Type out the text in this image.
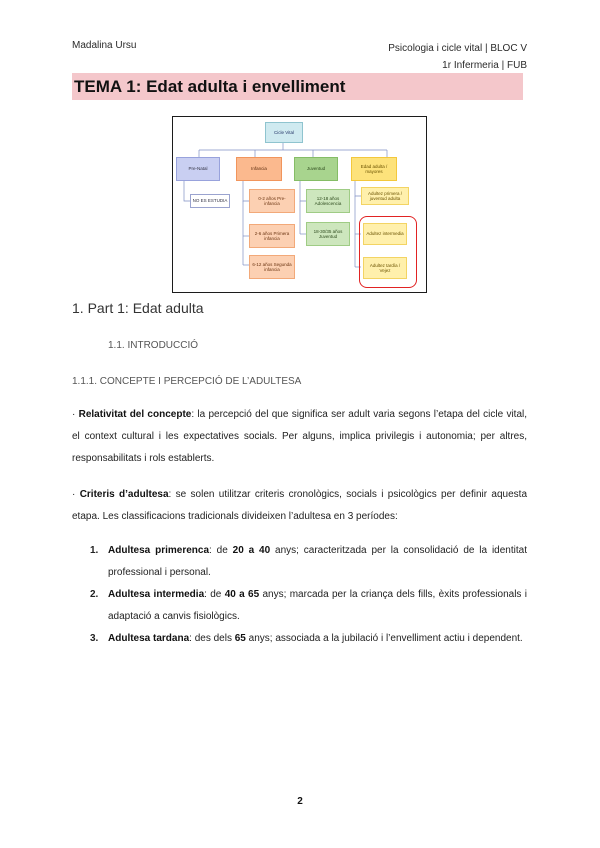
Madalina Ursu	Psicologia i cicle vital | BLOC V
1r Infermeria | FUB
TEMA 1: Edat adulta i envelliment
Cicle Vital
Pre-Natal
NO ES ESTUDIA
Infancia
0-2 años Pre-infancia
2-6 años Primera infancia
6-12 años Segunda infancia
Juventud
12-18 años Adolescencia
18-30/35 años Juventud
Edad adulta / mayores
Adultez primera / juventud adulta
Adultez intermedia
Adultez tardía / Vejez
1. Part 1: Edat adulta
1.1. INTRODUCCIÓ
1.1.1. CONCEPTE I PERCEPCIÓ DE L’ADULTESA
· Relativitat del concepte: la percepció del que significa ser adult varia segons l’etapa del cicle vital, el context cultural i les expectatives socials. Per alguns, implica privilegis i autonomia; per altres, responsabilitats i rols establerts.
· Criteris d’adultesa: se solen utilitzar criteris cronològics, socials i psicològics per definir aquesta etapa. Les classificacions tradicionals divideixen l’adultesa en 3 períodes:
1. Adultesa primerenca: de 20 a 40 anys; caracteritzada per la consolidació de la identitat professional i personal.
2. Adultesa intermedia: de 40 a 65 anys; marcada per la criança dels fills, èxits professionals i adaptació a canvis fisiològics.
3. Adultesa tardana: des dels 65 anys; associada a la jubilació i l’envelliment actiu i dependent.
2
